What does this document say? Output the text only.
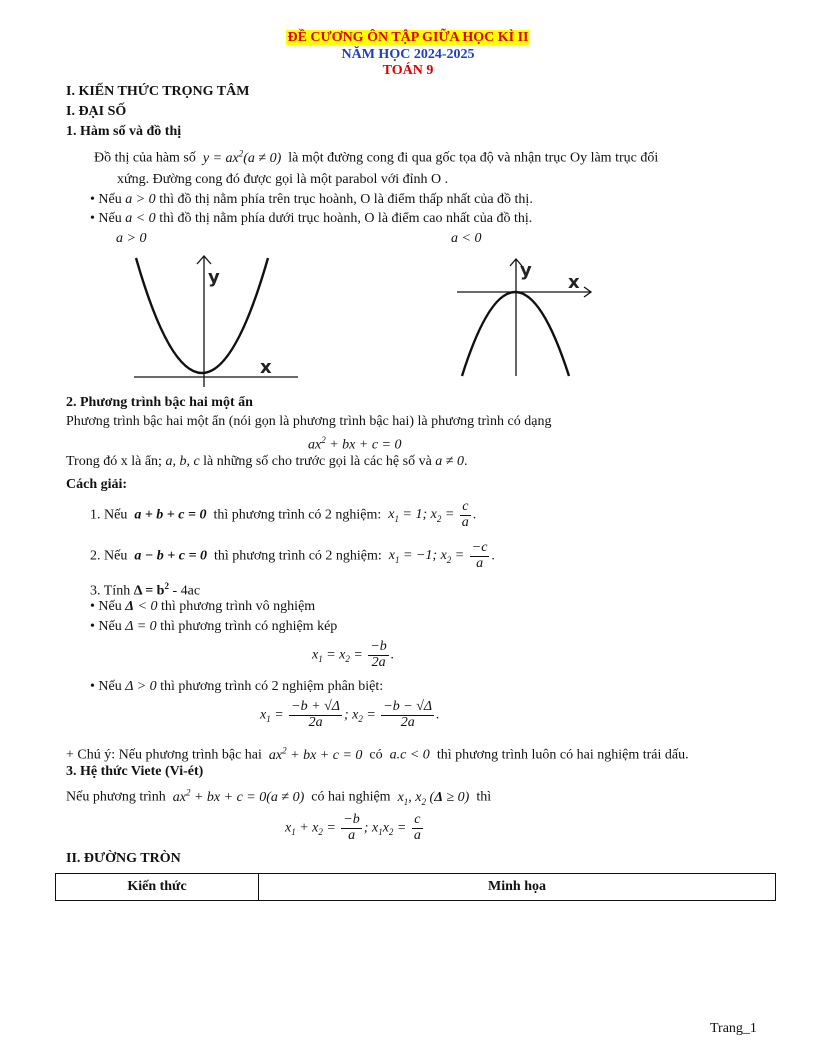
ĐỀ CƯƠNG ÔN TẬP GIỮA HỌC KÌ II
NĂM HỌC 2024-2025
TOÁN 9
I. KIẾN THỨC TRỌNG TÂM
I. ĐẠI SỐ
1. Hàm số và đồ thị
Đồ thị của hàm số  $y = ax^2(a \ne 0)$  là một đường cong đi qua gốc tọa độ và nhận trục Oy làm trục đối
xứng. Đường cong đó được gọi là một parabol với đỉnh O .
• Nếu a > 0 thì đồ thị nằm phía trên trục hoành, O là điểm thấp nhất của đồ thị.
• Nếu a < 0 thì đồ thị nằm phía dưới trục hoành, O là điểm cao nhất của đồ thị.
a > 0	a < 0
y
x
y
x
2. Phương trình bậc hai một ẩn
Phương trình bậc hai một ẩn (nói gọn là phương trình bậc hai) là phương trình có dạng
$ax^2$ + bx + c = 0
Trong đó x là ẩn; a, b, c là những số cho trước gọi là các hệ số và a ≠ 0.
Cách giải:
1. Nếu  a + b + c = 0  thì phương trình có 2 nghiệm:  $x_1 = 1$; $x_2 = \frac{c}{a}$ .
2. Nếu  a − b + c = 0  thì phương trình có 2 nghiệm:  $x_1 = -1$; $x_2 = \frac{-c}{a}$ .
3. Tính $\Delta = b^2 - 4ac$
• Nếu Δ < 0 thì phương trình vô nghiệm
• Nếu Δ = 0 thì phương trình có nghiệm kép
$x_1 = x_2 = \frac{-b}{2a}$ .
• Nếu Δ > 0 thì phương trình có 2 nghiệm phân biệt:
$x_1 = \frac{-b + √\Delta}{2a}$ ; $x_2 = \frac{-b - √\Delta}{2a}$ .
+ Chú ý: Nếu phương trình bậc hai  $ax^2$ + bx + c = 0  có  a.c < 0  thì phương trình luôn có hai nghiệm trái dấu.
3. Hệ thức Viete (Vi-ét)
Nếu phương trình  $ax^2$ + bx + c = 0(a ≠ 0)  có hai nghiệm  $x_1$, $x_2$ (Δ ≥ 0)  thì
$x_1 + x_2 = \frac{-b}{a}$ ; $x_1x_2 = \frac{c}{a}$
II. ĐƯỜNG TRÒN
Kiến thức	Minh họa
Trang_1
